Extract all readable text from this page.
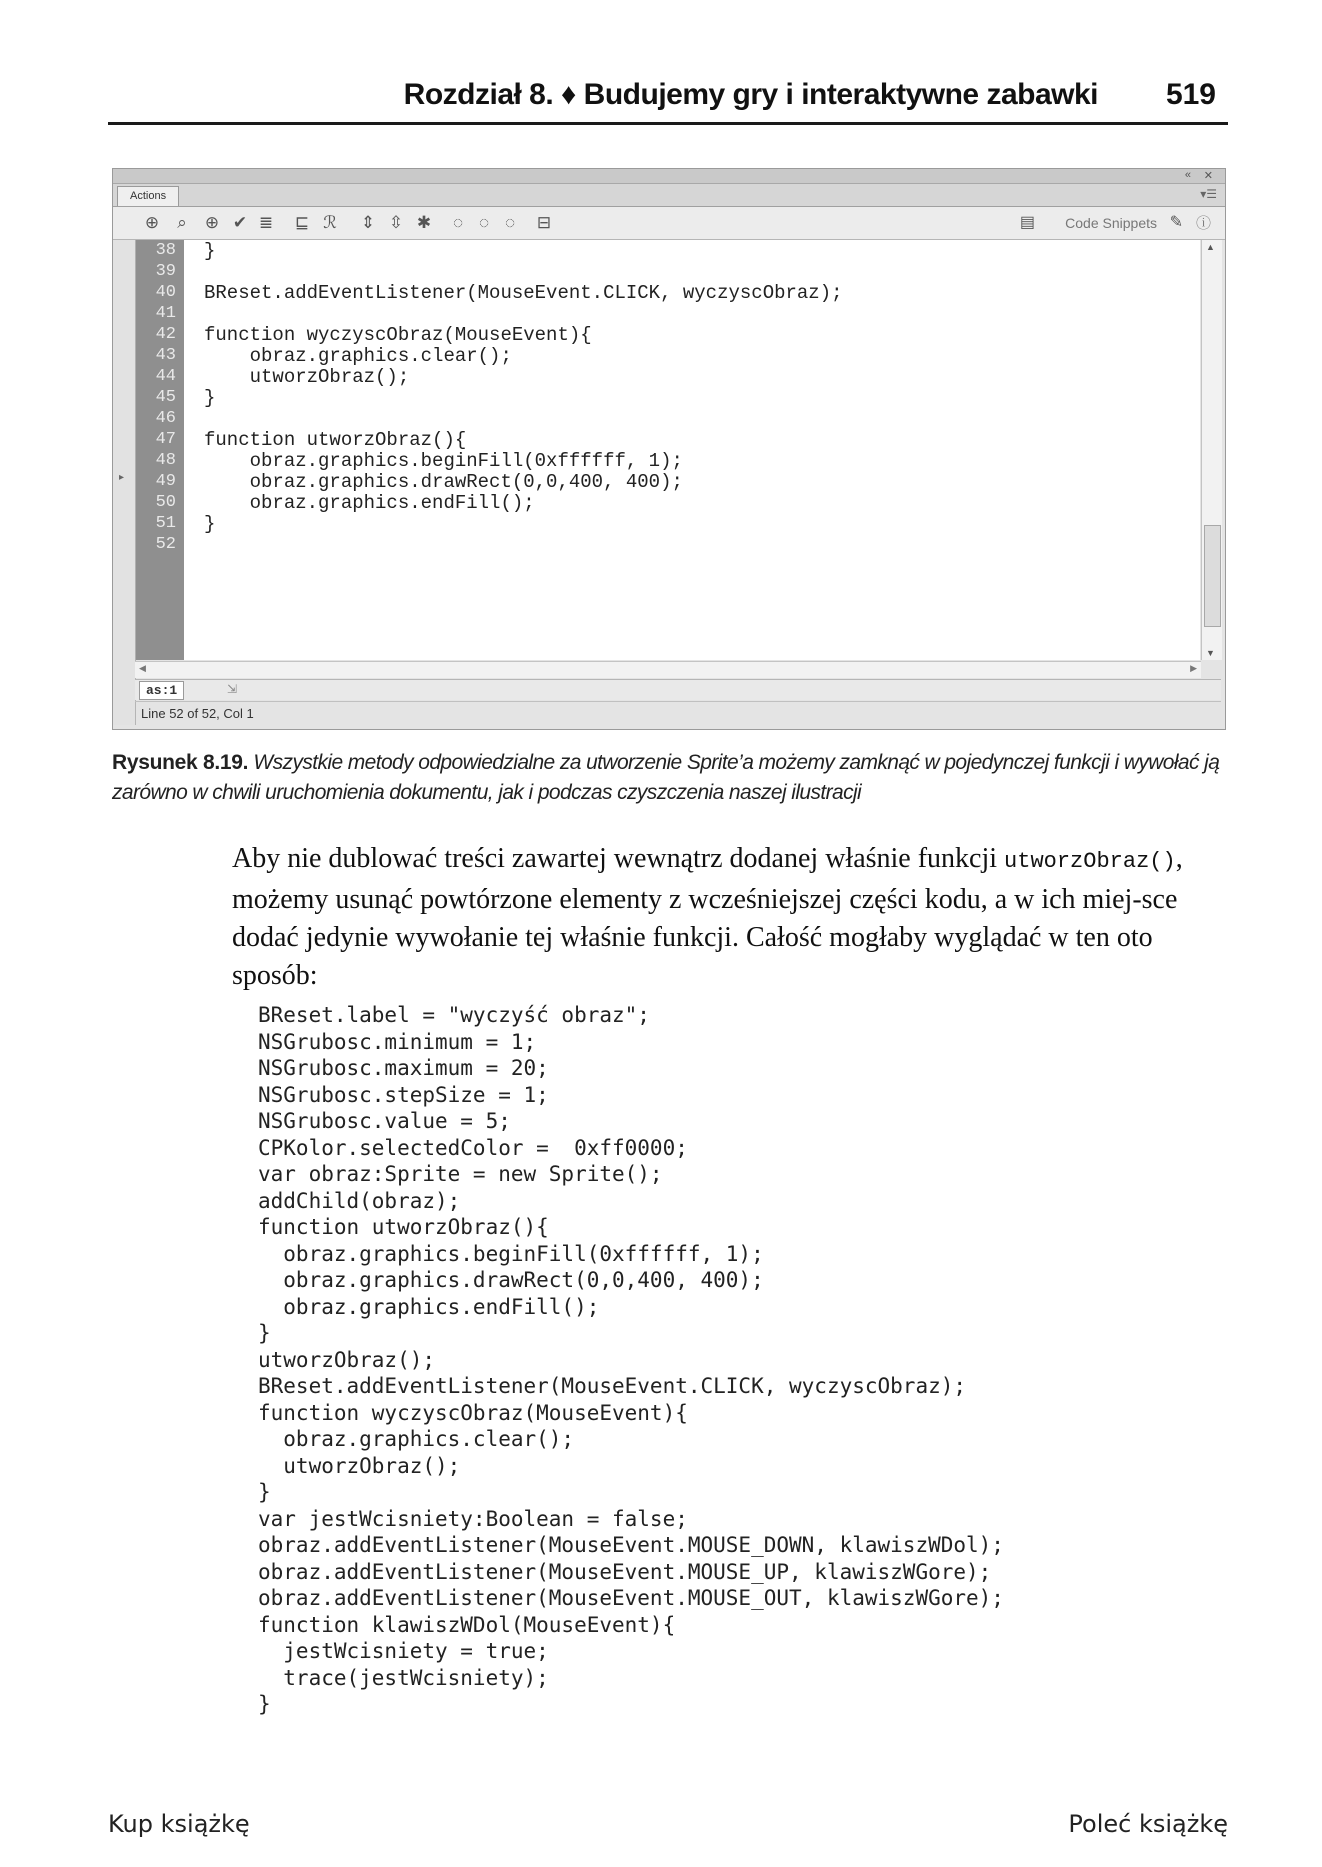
Rozdział 8. ♦ Budujemy gry i interaktywne zabawki 519
« ✕
Actions	▾☰
⊕	⌕	⊕ ✔ ≣ ⊑ ℛ ⇕ ⇳ ✱	◌ ◌ ◌	⊟	▤ Code Snippets ✎ ⓘ
▸
38
39
40
41
42
43
44
45
46
47
48
49
50
51
52
}
BReset.addEventListener(MouseEvent.CLICK, wyczyscObraz);
function wyczyscObraz(MouseEvent){
obraz.graphics.clear();
utworzObraz();
}
function utworzObraz(){
obraz.graphics.beginFill(0xffffff, 1);
obraz.graphics.drawRect(0,0,400, 400);
obraz.graphics.endFill();
}
▲
▼
◀	▶
as:1	⇲
Line 52 of 52, Col 1
Rysunek 8.19. Wszystkie metody odpowiedzialne za utworzenie Sprite’a możemy zamknąć w pojedynczej funkcji i wywołać ją zarówno w chwili uruchomienia dokumentu, jak i podczas czyszczenia naszej ilustracji
Aby nie dublować treści zawartej wewnątrz dodanej właśnie funkcji utworzObraz(), możemy usunąć powtórzone elementy z wcześniejszej części kodu, a w ich miej-sce dodać jedynie wywołanie tej właśnie funkcji. Całość mogłaby wyglądać w ten oto sposób:
BReset.label = "wyczyść obraz";
NSGrubosc.minimum = 1;
NSGrubosc.maximum = 20;
NSGrubosc.stepSize = 1;
NSGrubosc.value = 5;
CPKolor.selectedColor =  0xff0000;
var obraz:Sprite = new Sprite();
addChild(obraz);
function utworzObraz(){
obraz.graphics.beginFill(0xffffff, 1);
obraz.graphics.drawRect(0,0,400, 400);
obraz.graphics.endFill();
}
utworzObraz();
BReset.addEventListener(MouseEvent.CLICK, wyczyscObraz);
function wyczyscObraz(MouseEvent){
obraz.graphics.clear();
utworzObraz();
}
var jestWcisniety:Boolean = false;
obraz.addEventListener(MouseEvent.MOUSE_DOWN, klawiszWDol);
obraz.addEventListener(MouseEvent.MOUSE_UP, klawiszWGore);
obraz.addEventListener(MouseEvent.MOUSE_OUT, klawiszWGore);
function klawiszWDol(MouseEvent){
jestWcisniety = true;
trace(jestWcisniety);
}
Kup książkę	Poleć książkę
